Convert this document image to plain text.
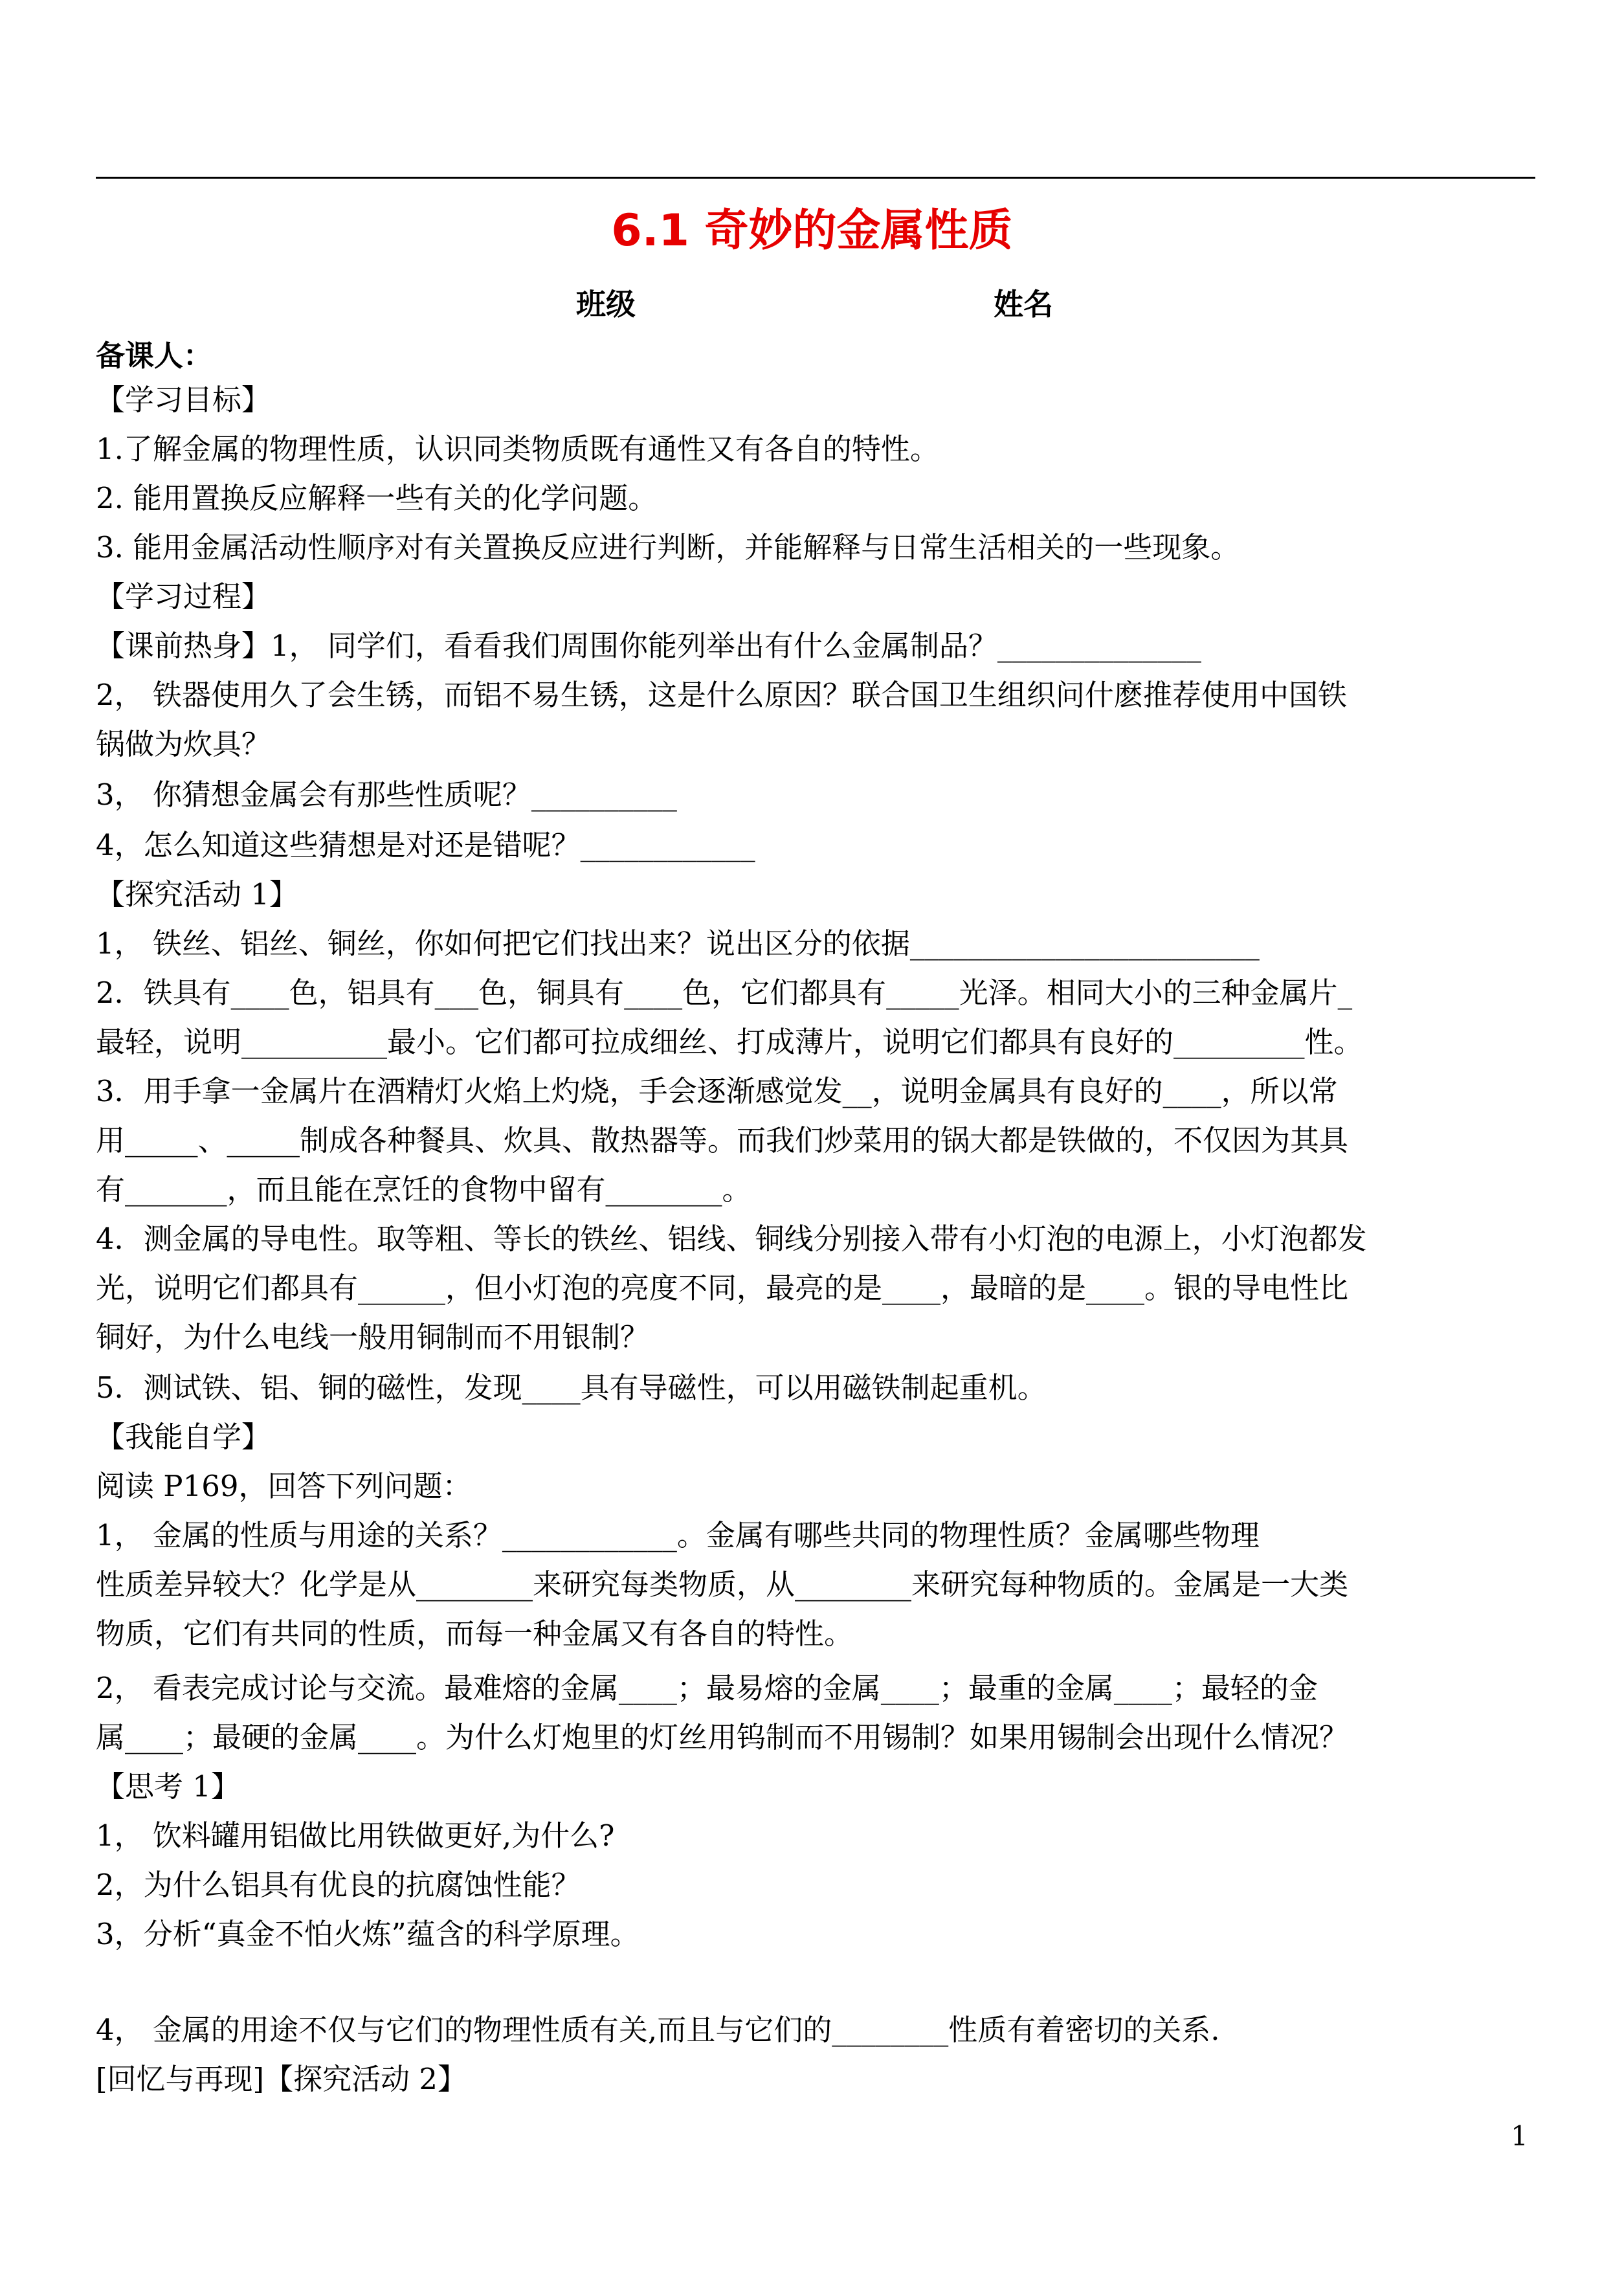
6.1 奇妙的金属性质
班级	姓名
备课人：
【学习目标】
1.了解金属的物理性质，认识同类物质既有通性又有各自的特性。
2. 能用置换反应解释一些有关的化学问题。
3. 能用金属活动性顺序对有关置换反应进行判断，并能解释与日常生活相关的一些现象。
【学习过程】
【课前热身】1， 同学们，看看我们周围你能列举出有什么金属制品？______________
2， 铁器使用久了会生锈，而铝不易生锈，这是什么原因？联合国卫生组织问什麽推荐使用中国铁
锅做为炊具？
3， 你猜想金属会有那些性质呢？__________
4，怎么知道这些猜想是对还是错呢？____________
【探究活动 1】
1， 铁丝、铝丝、铜丝，你如何把它们找出来？说出区分的依据________________________
2．铁具有____色，铝具有___色，铜具有____色，它们都具有_____光泽。相同大小的三种金属片_
最轻，说明__________最小。它们都可拉成细丝、打成薄片，说明它们都具有良好的_________性。
3．用手拿一金属片在酒精灯火焰上灼烧，手会逐渐感觉发__，说明金属具有良好的____，所以常
用_____、_____制成各种餐具、炊具、散热器等。而我们炒菜用的锅大都是铁做的，不仅因为其具
有_______，而且能在烹饪的食物中留有________。
4．测金属的导电性。取等粗、等长的铁丝、铝线、铜线分别接入带有小灯泡的电源上，小灯泡都发
光，说明它们都具有______，但小灯泡的亮度不同，最亮的是____，最暗的是____。银的导电性比
铜好，为什么电线一般用铜制而不用银制？
5．测试铁、铝、铜的磁性，发现____具有导磁性，可以用磁铁制起重机。
【我能自学】
阅读 P169，回答下列问题：
1， 金属的性质与用途的关系？____________。金属有哪些共同的物理性质？金属哪些物理
性质差异较大？化学是从________来研究每类物质，从________来研究每种物质的。金属是一大类
物质，它们有共同的性质，而每一种金属又有各自的特性。
2， 看表完成讨论与交流。最难熔的金属____；最易熔的金属____；最重的金属____；最轻的金
属____；最硬的金属____。为什么灯炮里的灯丝用钨制而不用锡制？如果用锡制会出现什么情况？
【思考 1】
1， 饮料罐用铝做比用铁做更好,为什么?
2，为什么铝具有优良的抗腐蚀性能？
3，分析“真金不怕火炼”蕴含的科学原理。
4， 金属的用途不仅与它们的物理性质有关,而且与它们的________性质有着密切的关系.
[回忆与再现]【探究活动 2】
1
